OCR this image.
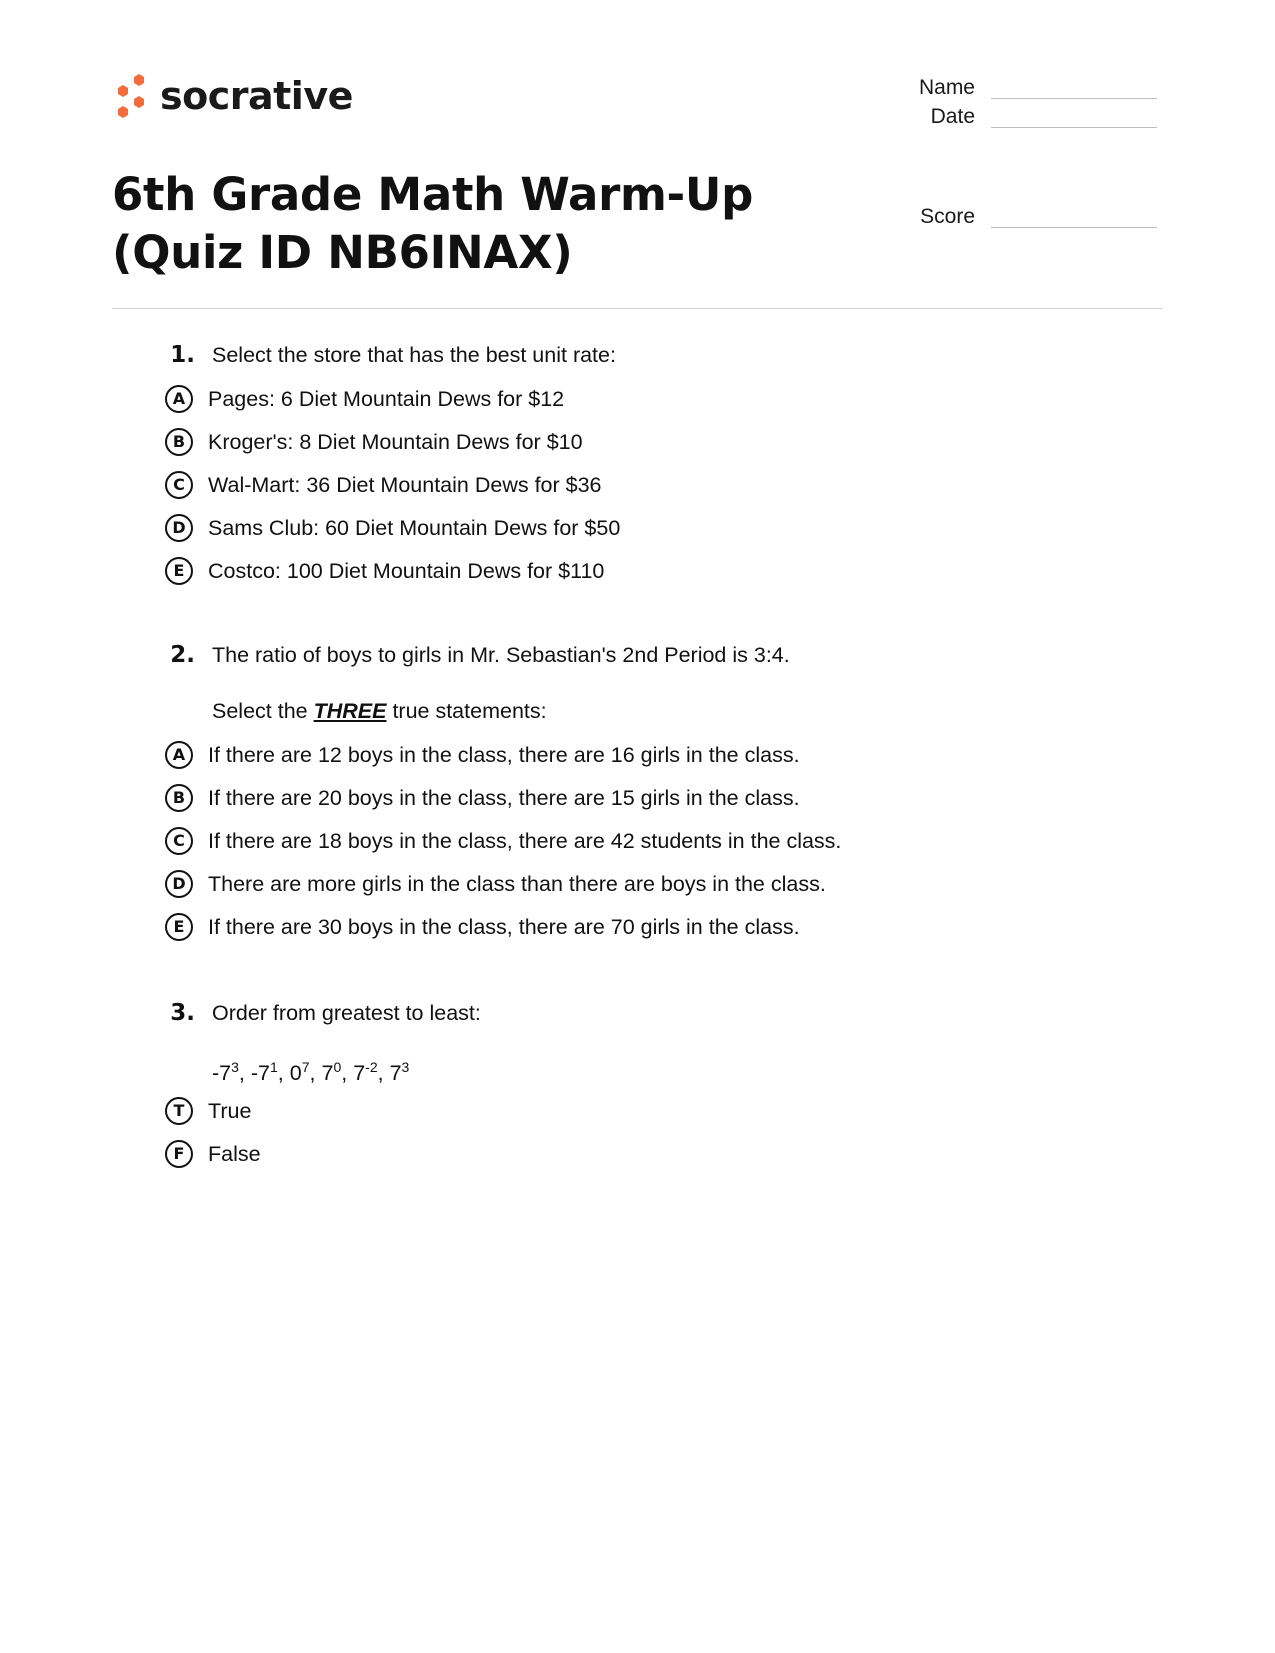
socrative	Name
Date
Score
6th Grade Math Warm-Up (Quiz ID NB6INAX)
1. Select the store that has the best unit rate:
A	Pages: 6 Diet Mountain Dews for $12
B	Kroger's: 8 Diet Mountain Dews for $10
C	Wal-Mart: 36 Diet Mountain Dews for $36
D	Sams Club: 60 Diet Mountain Dews for $50
E	Costco: 100 Diet Mountain Dews for $110
2. The ratio of boys to girls in Mr. Sebastian's 2nd Period is 3:4.
Select the THREE true statements:
A	If there are 12 boys in the class, there are 16 girls in the class.
B	If there are 20 boys in the class, there are 15 girls in the class.
C	If there are 18 boys in the class, there are 42 students in the class.
D	There are more girls in the class than there are boys in the class.
E	If there are 30 boys in the class, there are 70 girls in the class.
3. Order from greatest to least:
$-7^3$, $-7^1$, $0^7$, $7^0$, $7^{-2}$, $7^3$
T	True
F	False
